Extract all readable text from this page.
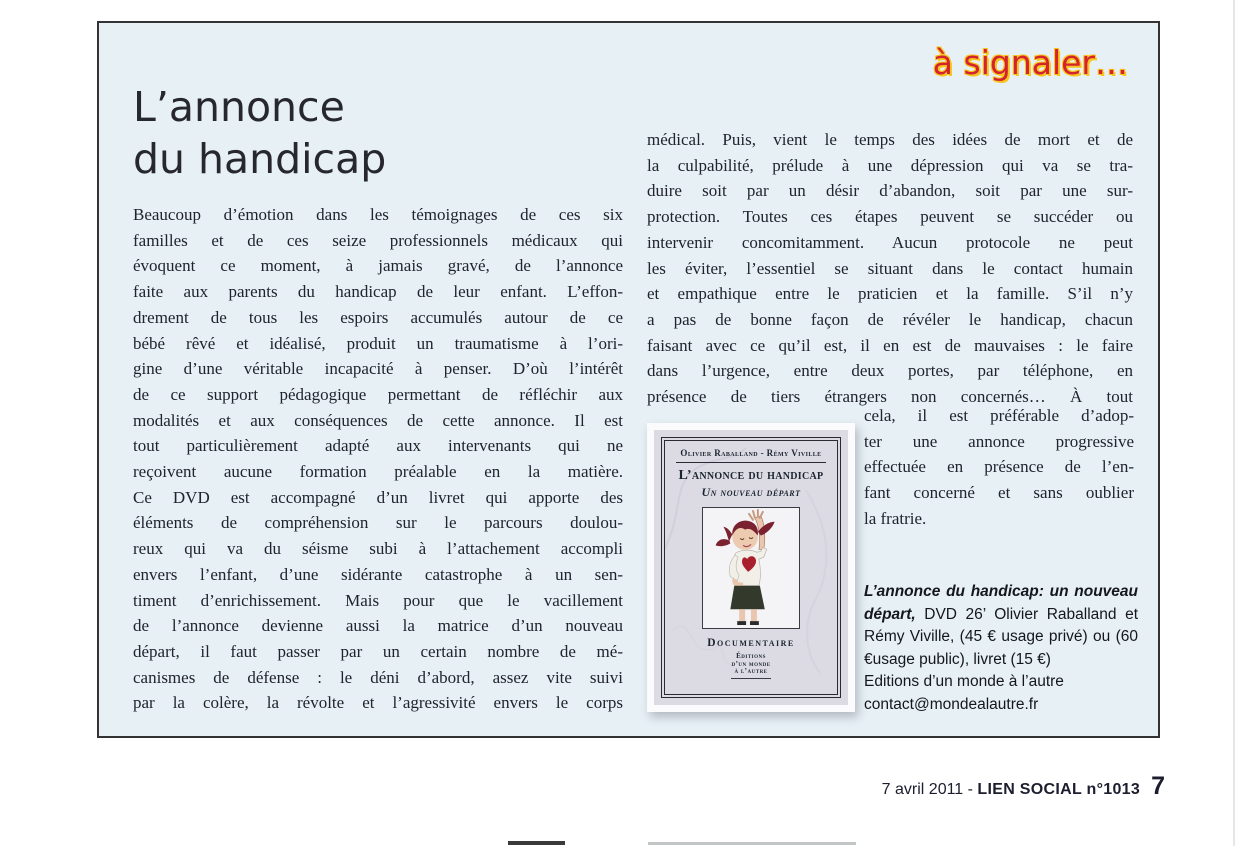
à signaler…
L’annonce
du handicap
Beaucoup d’émotion dans les témoignages de ces six
familles et de ces seize professionnels médicaux qui
évoquent ce moment, à jamais gravé, de l’annonce
faite aux parents du handicap de leur enfant. L’effon-
drement de tous les espoirs accumulés autour de ce
bébé rêvé et idéalisé, produit un traumatisme à l’ori-
gine d’une véritable incapacité à penser. D’où l’intérêt
de ce support pédagogique permettant de réfléchir aux
modalités et aux conséquences de cette annonce. Il est
tout particulièrement adapté aux intervenants qui ne
reçoivent aucune formation préalable en la matière.
Ce DVD est accompagné d’un livret qui apporte des
éléments de compréhension sur le parcours doulou-
reux qui va du séisme subi à l’attachement accompli
envers l’enfant, d’une sidérante catastrophe à un sen-
timent d’enrichissement. Mais pour que le vacillement
de l’annonce devienne aussi la matrice d’un nouveau
départ, il faut passer par un certain nombre de mé-
canismes de défense : le déni d’abord, assez vite suivi
par la colère, la révolte et l’agressivité envers le corps
médical. Puis, vient le temps des idées de mort et de
la culpabilité, prélude à une dépression qui va se tra-
duire soit par un désir d’abandon, soit par une sur-
protection. Toutes ces étapes peuvent se succéder ou
intervenir concomitamment. Aucun protocole ne peut
les éviter, l’essentiel se situant dans le contact humain
et empathique entre le praticien et la famille. S’il n’y
a pas de bonne façon de révéler le handicap, chacun
faisant avec ce qu’il est, il en est de mauvaises : le faire
dans l’urgence, entre deux portes, par téléphone, en
présence de tiers étrangers non concernés… À tout
cela, il est préférable d’adop-
ter une annonce progressive
effectuée en présence de l’en-
fant concerné et sans oublier
la fratrie.
Olivier Raballand - Rémy Viville
L’annonce du handicap
Un nouveau départ
Documentaire
Éditions
d’un monde
à l’autre

L’annonce du handicap: un nouveau départ, DVD 26’ Olivier Raballand et Rémy Viville, (45 € usage privé) ou (60 €usage public), livret (15 €)

Editions d’un monde à l’autre
contact@mondealautre.fr
7 avril 2011 - LIEN SOCIAL n°1013 7
